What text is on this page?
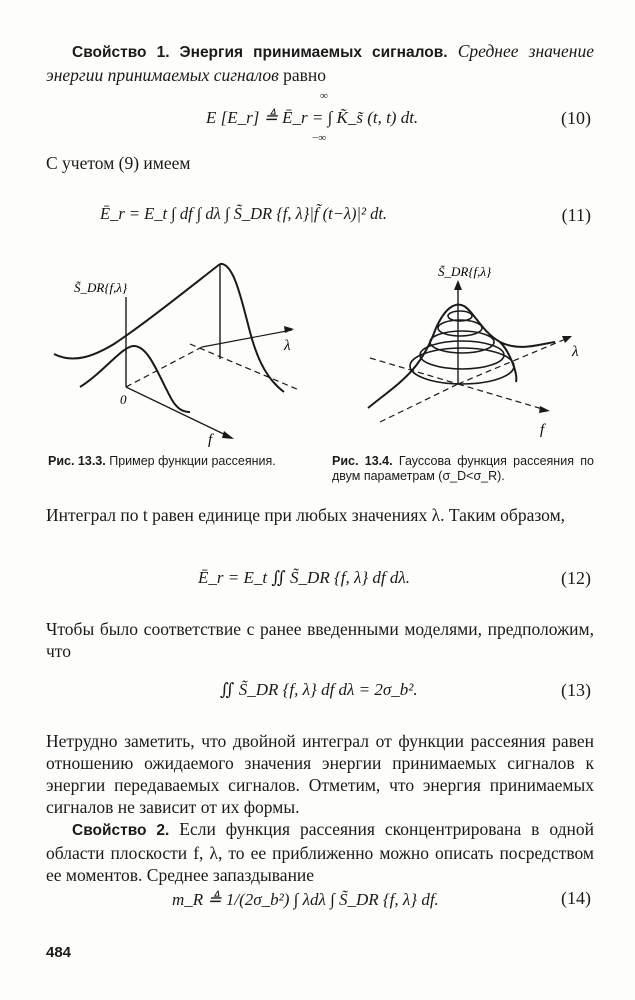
Свойство 1. Энергия принимаемых сигналов. Среднее значение энергии принимаемых сигналов равно
E [E_r] ≜ Ē_r = ∫ K̃_s̃ (t, t) dt.
∞
−∞
(10)
С учетом (9) имеем
Ē_r = E_t ∫ df ∫ dλ ∫ S̃_DR {f, λ}|f̃ (t−λ)|² dt.	(11)
S̃_DR{f,λ}
λ
f
0
S̃_DR{f,λ}
λ
f
Рис. 13.3. Пример функции рассеяния.	Рис. 13.4. Гауссова функция рассеяния по двум параметрам (σ_D<σ_R).
Интеграл по t равен единице при любых значениях λ. Таким образом,
Ē_r = E_t ∬ S̃_DR {f, λ} df dλ.	(12)
Чтобы было соответствие с ранее введенными моделями, предположим, что
∬ S̃_DR {f, λ} df dλ = 2σ_b².	(13)
Нетрудно заметить, что двойной интеграл от функции рассеяния равен отношению ожидаемого значения энергии принимаемых сигналов к энергии передаваемых сигналов. Отметим, что энергия принимаемых сигналов не зависит от их формы.
Свойство 2. Если функция рассеяния сконцентрирована в одной области плоскости f, λ, то ее приближенно можно описать посредством ее моментов. Среднее запаздывание
m_R ≜ 1/(2σ_b²) ∫ λdλ ∫ S̃_DR {f, λ} df.	(14)
484
